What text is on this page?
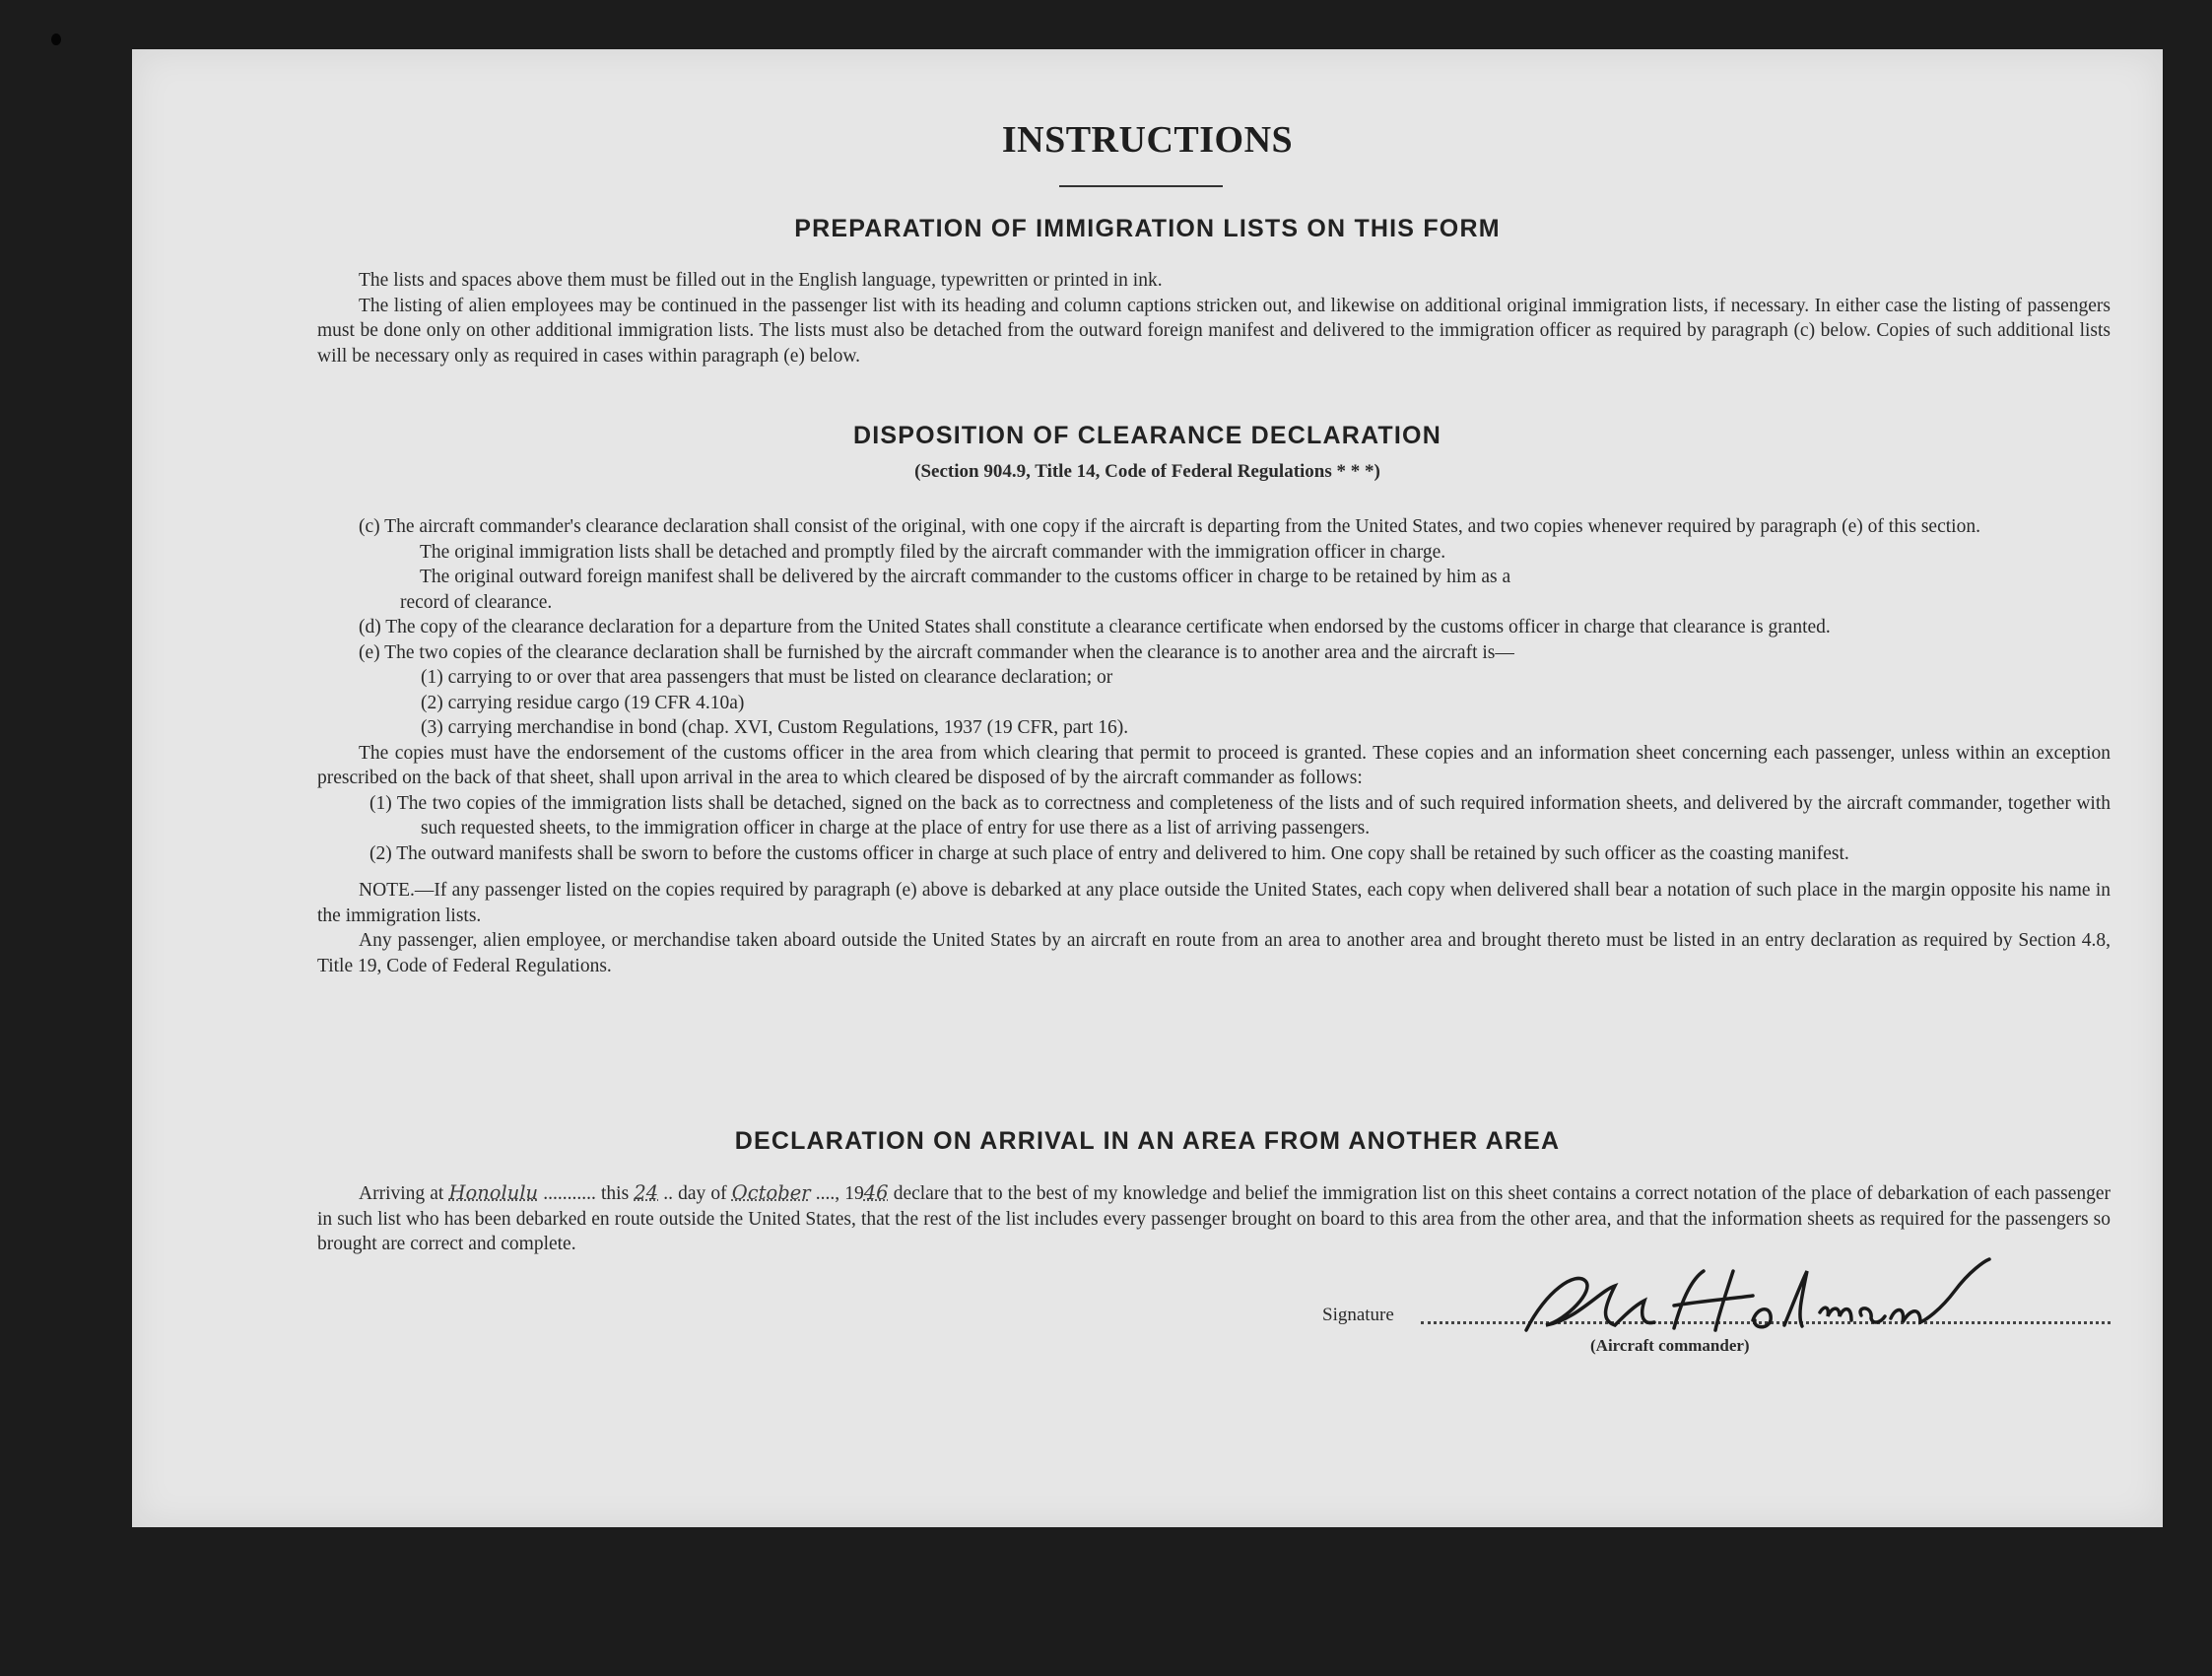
INSTRUCTIONS
PREPARATION OF IMMIGRATION LISTS ON THIS FORM

The lists and spaces above them must be filled out in the English language, typewritten or printed in ink.

The listing of alien employees may be continued in the passenger list with its heading and column captions stricken out, and likewise on additional original immigration lists, if necessary. In either case the listing of passengers must be done only on other additional immigration lists. The lists must also be detached from the outward foreign manifest and delivered to the immigration officer as required by paragraph (c) below. Copies of such additional lists will be necessary only as required in cases within paragraph (e) below.

DISPOSITION OF CLEARANCE DECLARATION
(Section 904.9, Title 14, Code of Federal Regulations * * *)

(c) The aircraft commander's clearance declaration shall consist of the original, with one copy if the aircraft is departing from the United States, and two copies whenever required by paragraph (e) of this section.

The original immigration lists shall be detached and promptly filed by the aircraft commander with the immigration officer in charge.

The original outward foreign manifest shall be delivered by the aircraft commander to the customs officer in charge to be retained by him as a

record of clearance.

(d) The copy of the clearance declaration for a departure from the United States shall constitute a clearance certificate when endorsed by the customs officer in charge that clearance is granted.

(e) The two copies of the clearance declaration shall be furnished by the aircraft commander when the clearance is to another area and the aircraft is—

(1) carrying to or over that area passengers that must be listed on clearance declaration; or

(2) carrying residue cargo (19 CFR 4.10a)

(3) carrying merchandise in bond (chap. XVI, Custom Regulations, 1937 (19 CFR, part 16).

The copies must have the endorsement of the customs officer in the area from which clearing that permit to proceed is granted. These copies and an information sheet concerning each passenger, unless within an exception prescribed on the back of that sheet, shall upon arrival in the area to which cleared be disposed of by the aircraft commander as follows:

(1) The two copies of the immigration lists shall be detached, signed on the back as to correctness and completeness of the lists and of such required information sheets, and delivered by the aircraft commander, together with such requested sheets, to the immigration officer in charge at the place of entry for use there as a list of arriving passengers.

(2) The outward manifests shall be sworn to before the customs officer in charge at such place of entry and delivered to him. One copy shall be retained by such officer as the coasting manifest.

NOTE.—If any passenger listed on the copies required by paragraph (e) above is debarked at any place outside the United States, each copy when delivered shall bear a notation of such place in the margin opposite his name in the immigration lists.

Any passenger, alien employee, or merchandise taken aboard outside the United States by an aircraft en route from an area to another area and brought thereto must be listed in an entry declaration as required by Section 4.8, Title 19, Code of Federal Regulations.

DECLARATION ON ARRIVAL IN AN AREA FROM ANOTHER AREA

Arriving at Honolulu ........... this 24 .. day of October ...., 1946 declare that to the best of my knowledge and belief the immigration list on this sheet contains a correct notation of the place of debarkation of each passenger in such list who has been debarked en route outside the United States, that the rest of the list includes every passenger brought on board to this area from the other area, and that the information sheets as required for the passengers so brought are correct and complete.

Signature
(Aircraft commander)
